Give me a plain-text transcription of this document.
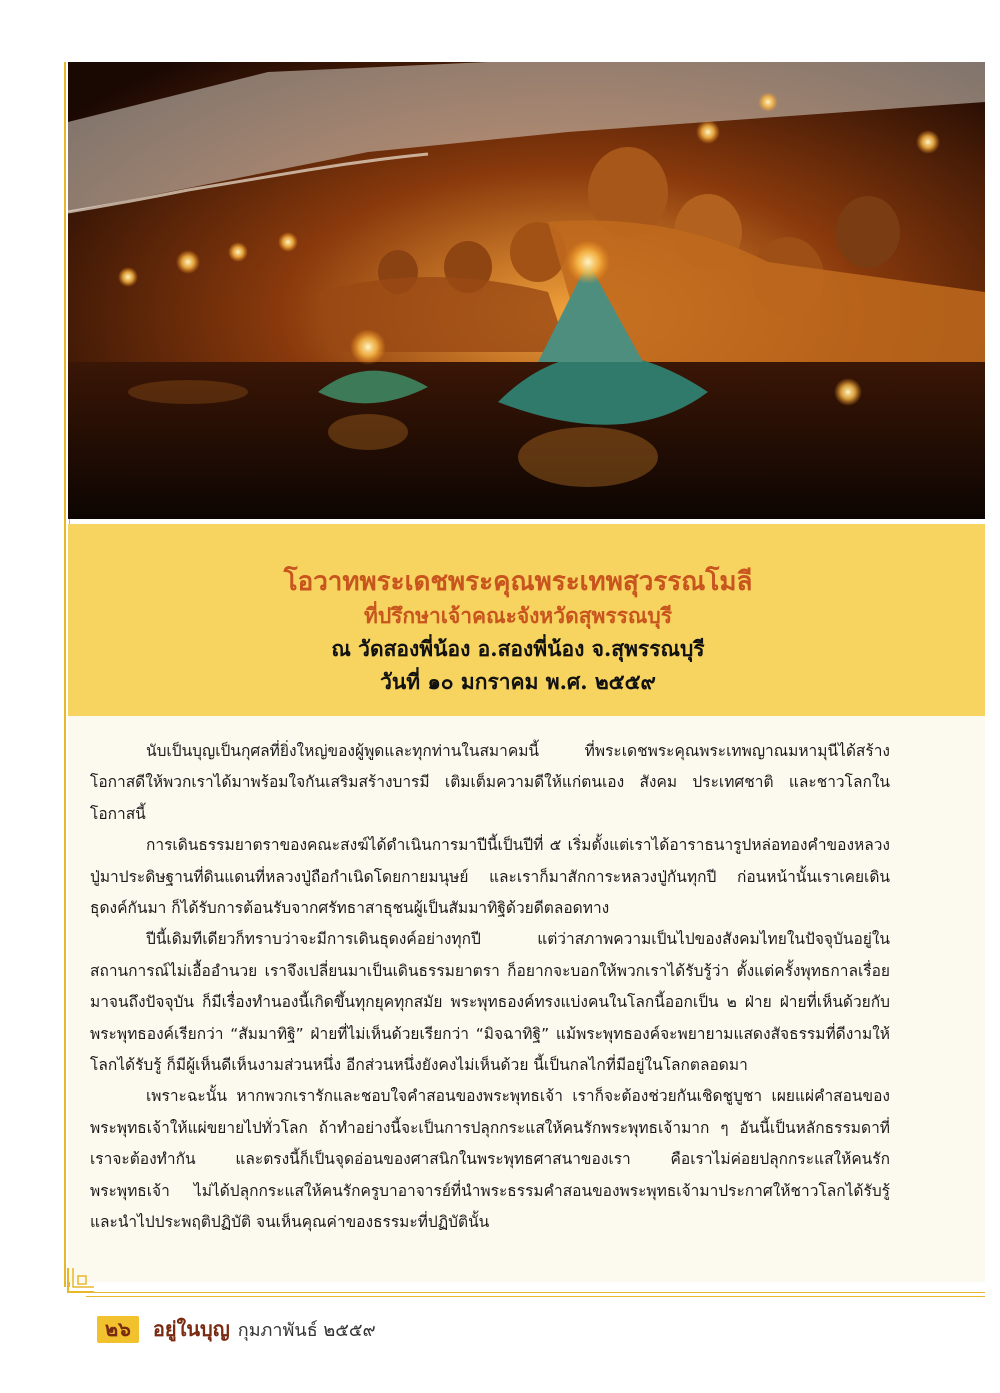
โอวาทพระเดชพระคุณพระเทพสุวรรณโมลี
ที่ปรึกษาเจ้าคณะจังหวัดสุพรรณบุรี
ณ วัดสองพี่น้อง อ.สองพี่น้อง จ.สุพรรณบุรี
วันที่ ๑๐ มกราคม พ.ศ. ๒๕๕๙

นับเป็นบุญเป็นกุศลที่ยิ่งใหญ่ของผู้พูดและทุกท่านในสมาคมนี้ ที่พระเดชพระคุณพระเทพญาณมหามุนีได้สร้างโอกาสดีให้พวกเราได้มาพร้อมใจกันเสริมสร้างบารมี เติมเต็มความดีให้แก่ตนเอง สังคม ประเทศชาติ และชาวโลกในโอกาสนี้

การเดินธรรมยาตราของคณะสงฆ์ได้ดำเนินการมาปีนี้เป็นปีที่ ๕ เริ่มตั้งแต่เราได้อาราธนารูปหล่อทองคำของหลวงปู่มาประดิษฐานที่ดินแดนที่หลวงปู่ถือกำเนิดโดยกายมนุษย์ และเราก็มาสักการะหลวงปู่กันทุกปี ก่อนหน้านั้นเราเคยเดินธุดงค์กันมา ก็ได้รับการต้อนรับจากศรัทธาสาธุชนผู้เป็นสัมมาทิฐิด้วยดีตลอดทาง

ปีนี้เดิมทีเดียวก็ทราบว่าจะมีการเดินธุดงค์อย่างทุกปี แต่ว่าสภาพความเป็นไปของสังคมไทยในปัจจุบันอยู่ในสถานการณ์ไม่เอื้ออำนวย เราจึงเปลี่ยนมาเป็นเดินธรรมยาตรา ก็อยากจะบอกให้พวกเราได้รับรู้ว่า ตั้งแต่ครั้งพุทธกาลเรื่อยมาจนถึงปัจจุบัน ก็มีเรื่องทำนองนี้เกิดขึ้นทุกยุคทุกสมัย พระพุทธองค์ทรงแบ่งคนในโลกนี้ออกเป็น ๒ ฝ่าย ฝ่ายที่เห็นด้วยกับพระพุทธองค์เรียกว่า “สัมมาทิฐิ” ฝ่ายที่ไม่เห็นด้วยเรียกว่า “มิจฉาทิฐิ” แม้พระพุทธองค์จะพยายามแสดงสัจธรรมที่ดีงามให้โลกได้รับรู้ ก็มีผู้เห็นดีเห็นงามส่วนหนึ่ง อีกส่วนหนึ่งยังคงไม่เห็นด้วย นี้เป็นกลไกที่มีอยู่ในโลกตลอดมา

เพราะฉะนั้น หากพวกเรารักและชอบใจคำสอนของพระพุทธเจ้า เราก็จะต้องช่วยกันเชิดชูบูชา เผยแผ่คำสอนของพระพุทธเจ้าให้แผ่ขยายไปทั่วโลก ถ้าทำอย่างนี้จะเป็นการปลุกกระแสให้คนรักพระพุทธเจ้ามาก ๆ อันนี้เป็นหลักธรรมดาที่เราจะต้องทำกัน และตรงนี้ก็เป็นจุดอ่อนของศาสนิกในพระพุทธศาสนาของเรา คือเราไม่ค่อยปลุกกระแสให้คนรักพระพุทธเจ้า ไม่ได้ปลุกกระแสให้คนรักครูบาอาจารย์ที่นำพระธรรมคำสอนของพระพุทธเจ้ามาประกาศให้ชาวโลกได้รับรู้และนำไปประพฤติปฏิบัติ จนเห็นคุณค่าของธรรมะที่ปฏิบัตินั้น

๒๖	อยู่ในบุญ กุมภาพันธ์ ๒๕๕๙
